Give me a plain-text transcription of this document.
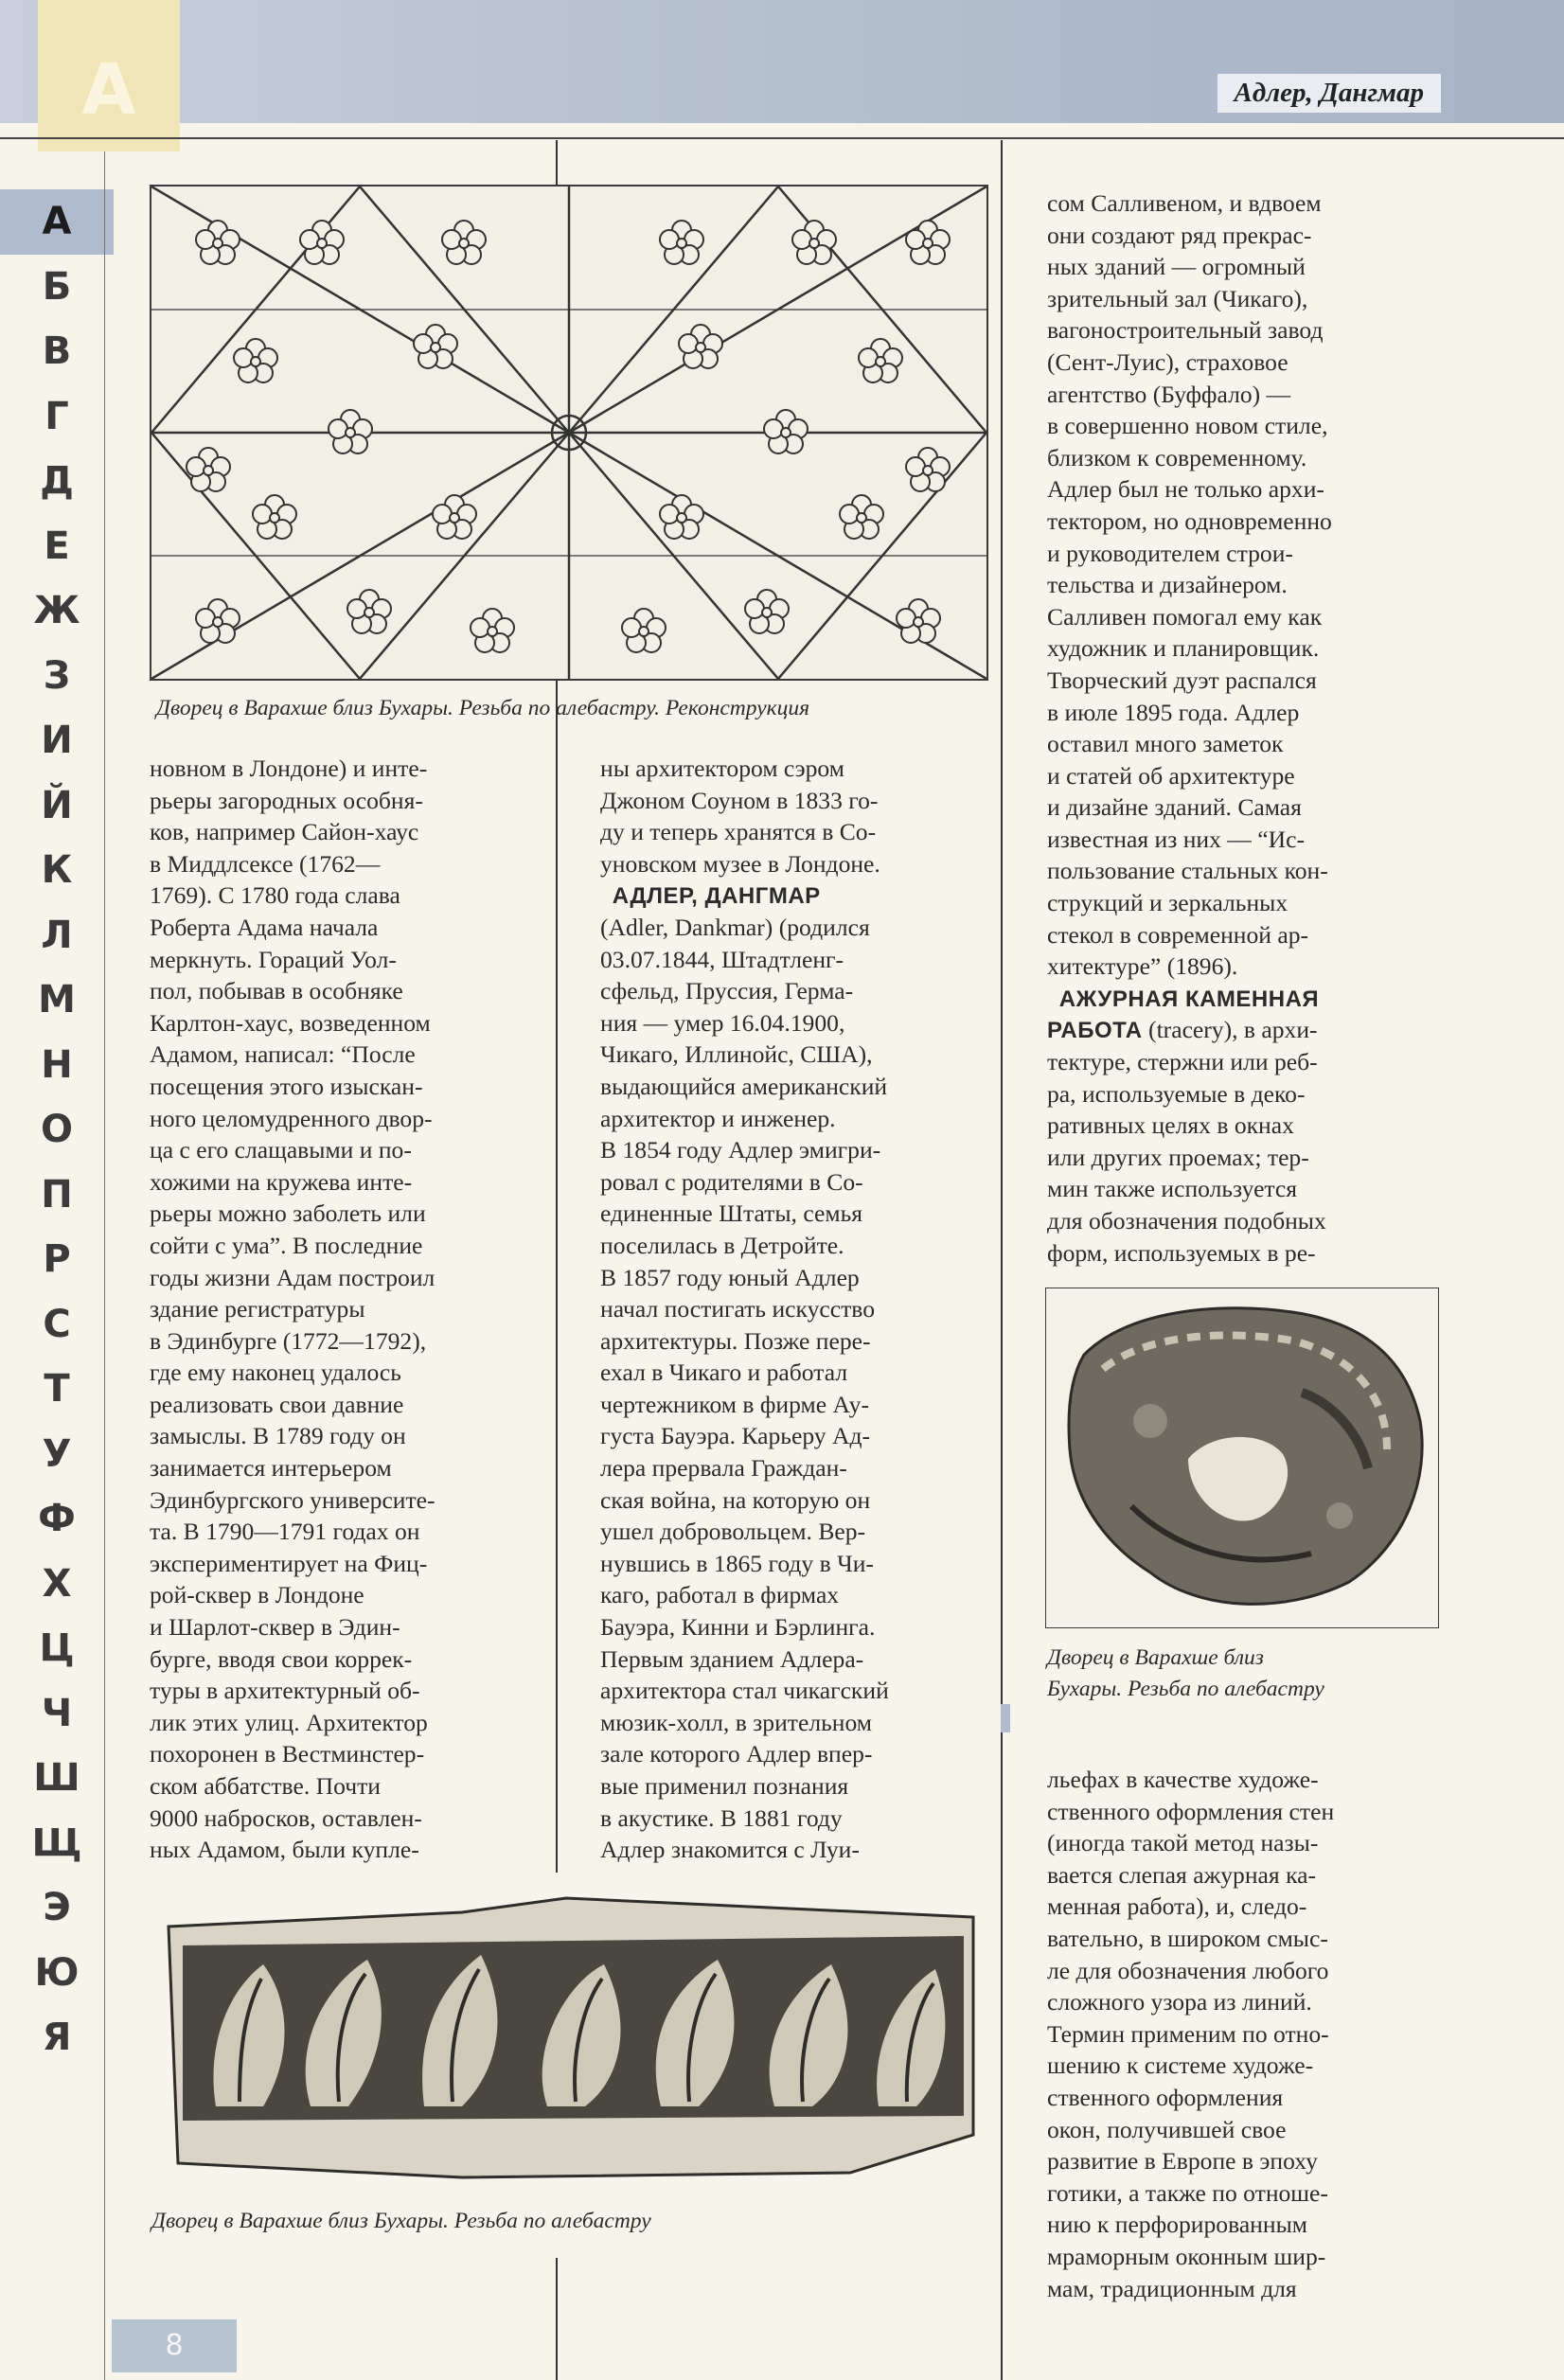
А	Адлер, Дангмар
А
Б
В
Г
Д
Е
Ж
З
И
Й
К
Л
М
Н
О
П
Р
С
Т
У
Ф
Х
Ц
Ч
Ш
Щ
Э
Ю
Я
Дворец в Варахше близ Бухары. Резьба по алебастру. Реконструкция
новном в Лондоне) и инте-
рьеры загородных особня-
ков, например Сайон-хаус
в Миддлсексе (1762—
1769). С 1780 года слава
Роберта Адама начала
меркнуть. Гораций Уол-
пол, побывав в особняке
Карлтон-хаус, возведенном
Адамом, написал: “После
посещения этого изыскан-
ного целомудренного двор-
ца с его слащавыми и по-
хожими на кружева инте-
рьеры можно заболеть или
сойти с ума”. В последние
годы жизни Адам построил
здание регистратуры
в Эдинбурге (1772—1792),
где ему наконец удалось
реализовать свои давние
замыслы. В 1789 году он
занимается интерьером
Эдинбургского университе-
та. В 1790—1791 годах он
экспериментирует на Фиц-
рой-сквер в Лондоне
и Шарлот-сквер в Эдин-
бурге, вводя свои коррек-
туры в архитектурный об-
лик этих улиц. Архитектор
похоронен в Вестминстер-
ском аббатстве. Почти
9000 набросков, оставлен-
ных Адамом, были купле-
ны архитектором сэром
Джоном Соуном в 1833 го-
ду и теперь хранятся в Со-
уновском музее в Лондоне.
АДЛЕР, ДАНГМАР
(Adler, Dankmar) (родился
03.07.1844, Штадтленг-
сфельд, Пруссия, Герма-
ния — умер 16.04.1900,
Чикаго, Иллинойс, США),
выдающийся американский
архитектор и инженер.
В 1854 году Адлер эмигри-
ровал с родителями в Со-
единенные Штаты, семья
поселилась в Детройте.
В 1857 году юный Адлер
начал постигать искусство
архитектуры. Позже пере-
ехал в Чикаго и работал
чертежником в фирме Ау-
густа Бауэра. Карьеру Ад-
лера прервала Граждан-
ская война, на которую он
ушел добровольцем. Вер-
нувшись в 1865 году в Чи-
каго, работал в фирмах
Бауэра, Кинни и Бэрлинга.
Первым зданием Адлера-
архитектора стал чикагский
мюзик-холл, в зрительном
зале которого Адлер впер-
вые применил познания
в акустике. В 1881 году
Адлер знакомится с Луи-
сом Салливеном, и вдвоем
они создают ряд прекрас-
ных зданий — огромный
зрительный зал (Чикаго),
вагоностроительный завод
(Сент-Луис), страховое
агентство (Буффало) —
в совершенно новом стиле,
близком к современному.
Адлер был не только архи-
тектором, но одновременно
и руководителем строи-
тельства и дизайнером.
Салливен помогал ему как
художник и планировщик.
Творческий дуэт распался
в июле 1895 года. Адлер
оставил много заметок
и статей об архитектуре
и дизайне зданий. Самая
известная из них — “Ис-
пользование стальных кон-
струкций и зеркальных
стекол в современной ар-
хитектуре” (1896).
АЖУРНАЯ КАМЕННАЯ
РАБОТА (tracery), в архи-
тектуре, стержни или реб-
ра, используемые в деко-
ративных целях в окнах
или других проемах; тер-
мин также используется
для обозначения подобных
форм, используемых в ре-
Дворец в Варахше близ
Бухары. Резьба по алебастру
льефах в качестве художе-
ственного оформления стен
(иногда такой метод назы-
вается слепая ажурная ка-
менная работа), и, следо-
вательно, в широком смыс-
ле для обозначения любого
сложного узора из линий.
Термин применим по отно-
шению к системе художе-
ственного оформления
окон, получившей свое
развитие в Европе в эпоху
готики, а также по отноше-
нию к перфорированным
мраморным оконным шир-
мам, традиционным для
Дворец в Варахше близ Бухары. Резьба по алебастру
8
